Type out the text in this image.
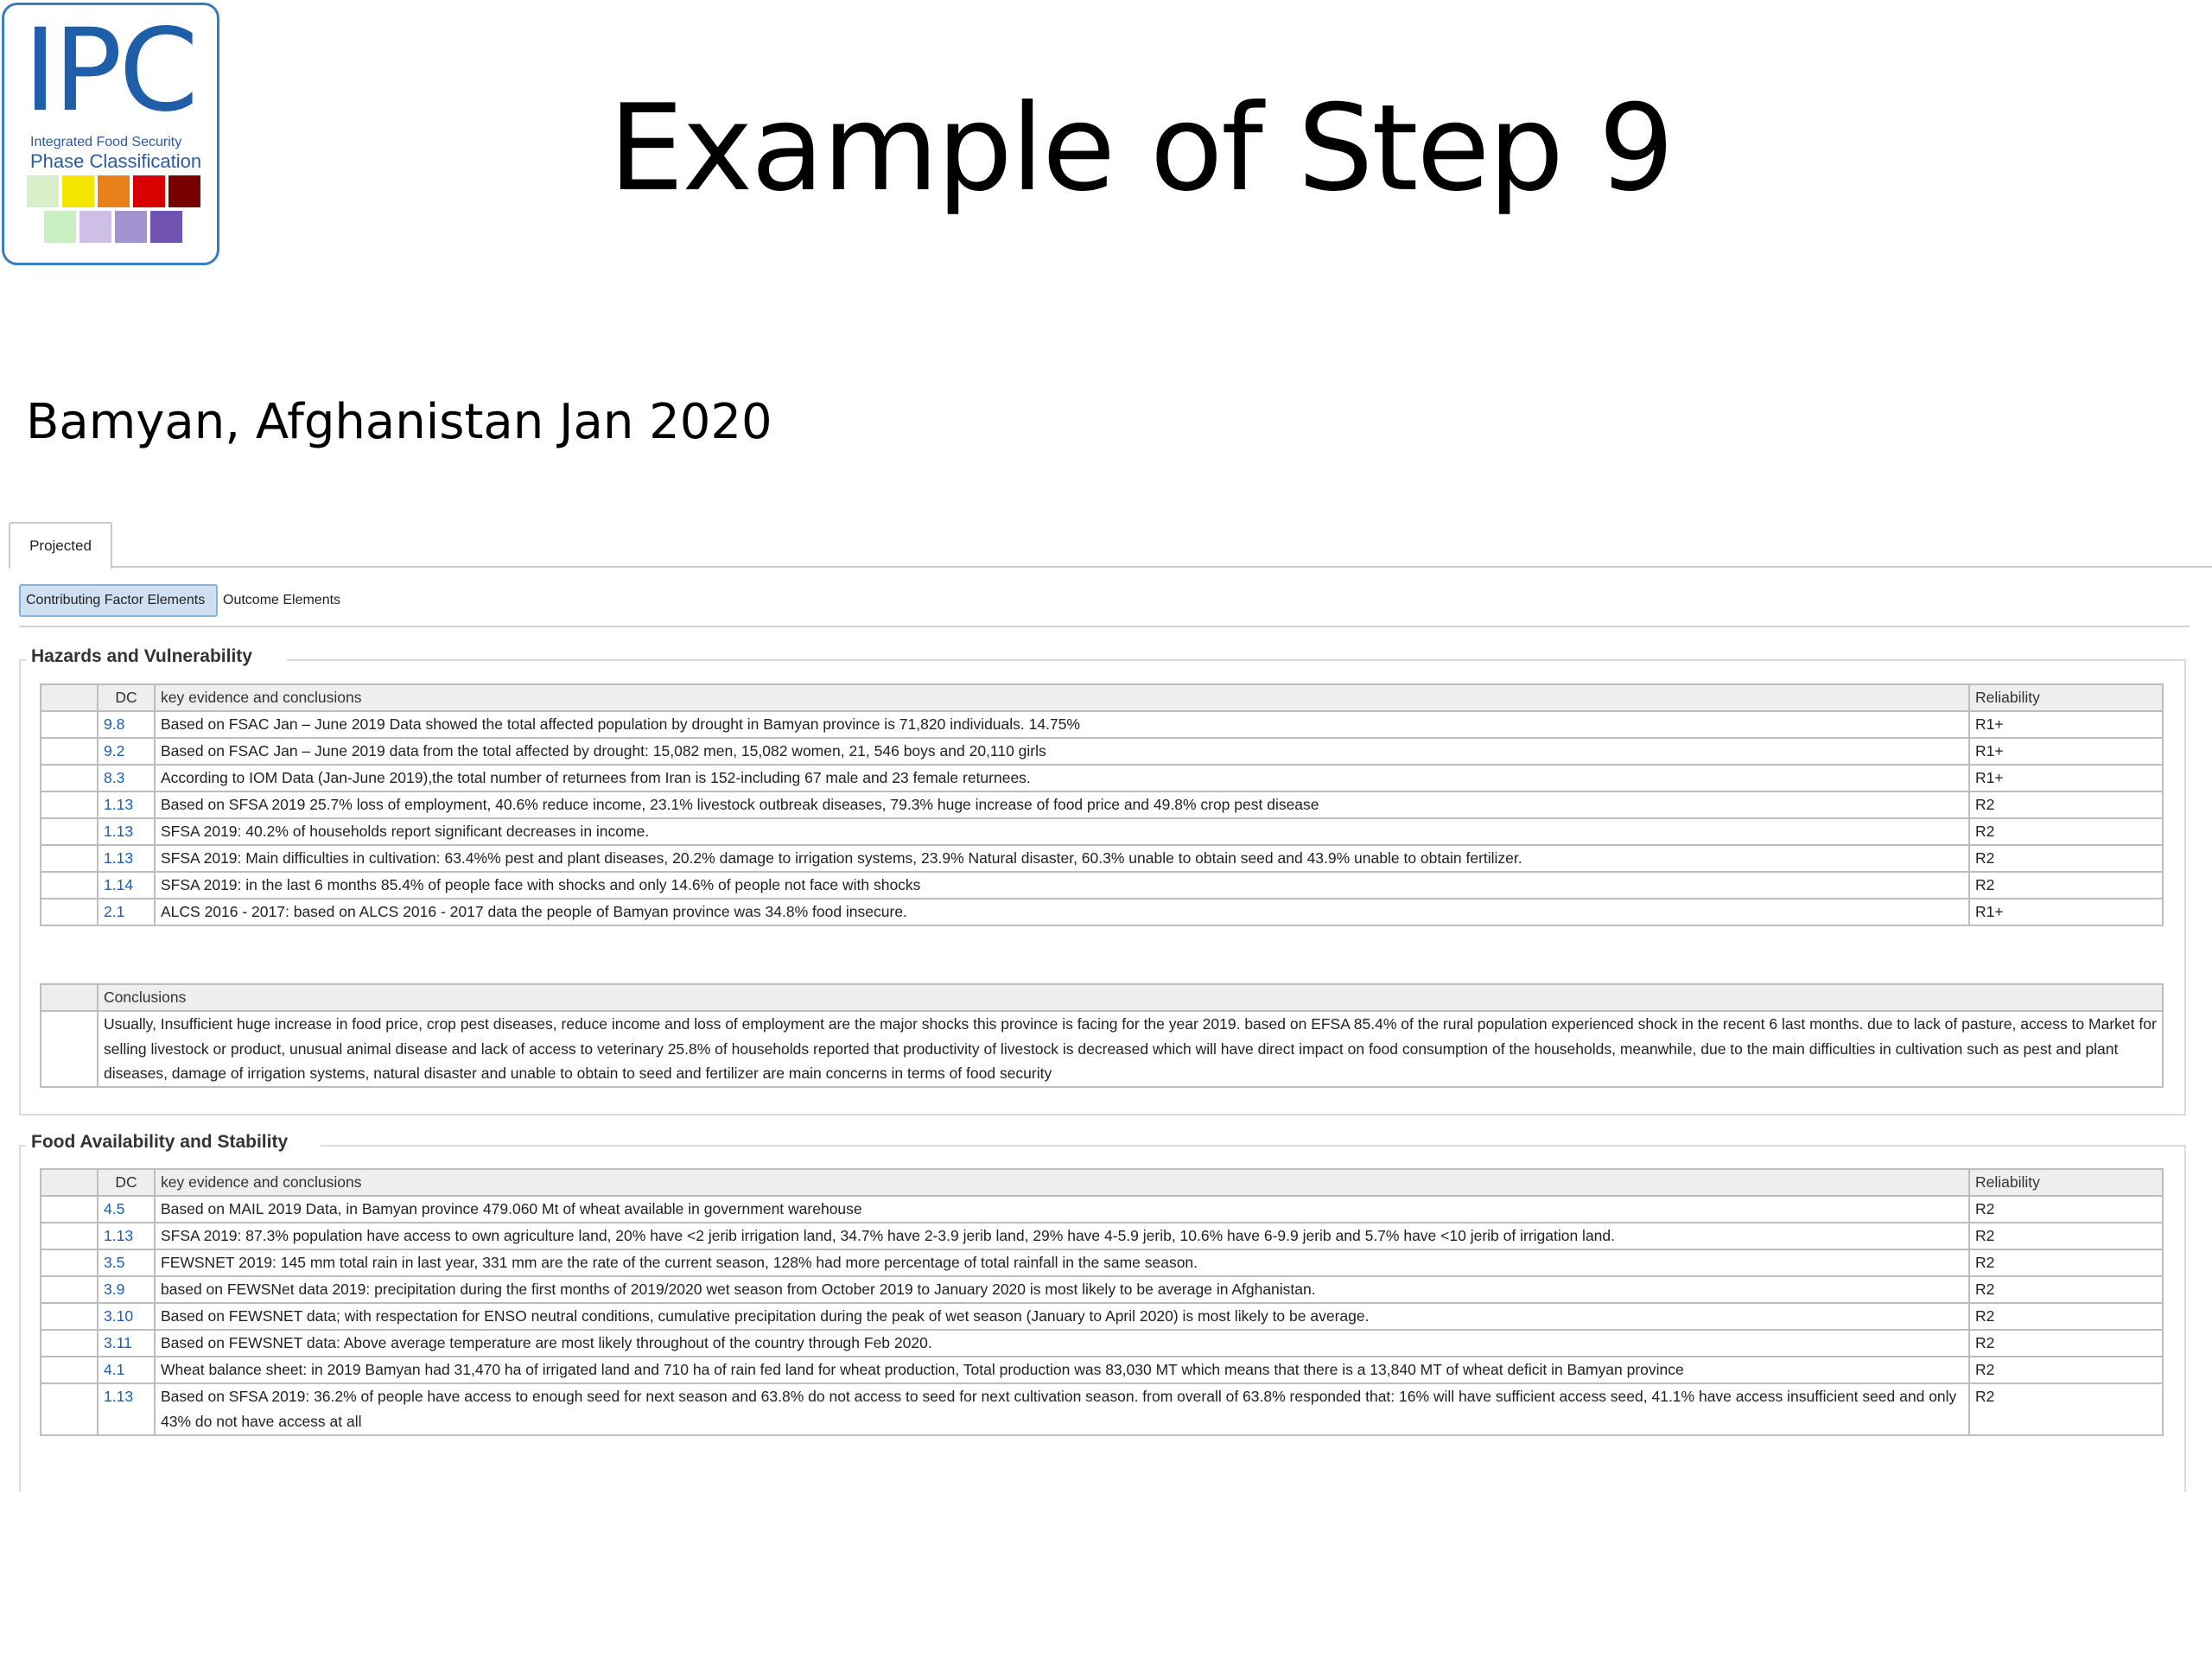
IPC
Integrated Food Security
Phase Classification	Example of Step 9
Bamyan, Afghanistan Jan 2020
Projected
Contributing Factor Elements	Outcome Elements
Hazards and Vulnerability
	DC	key evidence and conclusions	Reliability
	9.8	Based on FSAC Jan – June 2019 Data showed the total affected population by drought in Bamyan province is 71,820 individuals. 14.75%	R1+
	9.2	Based on FSAC Jan – June 2019 data from the total affected by drought: 15,082 men, 15,082 women, 21, 546 boys and 20,110 girls	R1+
	8.3	According to IOM Data (Jan-June 2019),the total number of returnees from Iran is 152-including 67 male and 23 female returnees.	R1+
	1.13	Based on SFSA 2019 25.7% loss of employment, 40.6% reduce income, 23.1% livestock outbreak diseases, 79.3% huge increase of food price and 49.8% crop pest disease	R2
	1.13	SFSA 2019: 40.2% of households report significant decreases in income.	R2
	1.13	SFSA 2019: Main difficulties in cultivation: 63.4%% pest and plant diseases, 20.2% damage to irrigation systems, 23.9% Natural disaster, 60.3% unable to obtain seed and 43.9% unable to obtain fertilizer.	R2
	1.14	SFSA 2019: in the last 6 months 85.4% of people face with shocks and only 14.6% of people not face with shocks	R2
	2.1	ALCS 2016 - 2017: based on ALCS 2016 - 2017 data the people of Bamyan province was 34.8% food insecure.	R1+
	Conclusions
	Usually, Insufficient huge increase in food price, crop pest diseases, reduce income and loss of employment are the major shocks this province is facing for the year 2019. based on EFSA 85.4% of the rural population experienced shock in the recent 6 last months. due to lack of pasture, access to Market for selling livestock or product, unusual animal disease and lack of access to veterinary 25.8% of households reported that productivity of livestock is decreased which will have direct impact on food consumption of the households, meanwhile, due to the main difficulties in cultivation such as pest and plant diseases, damage of irrigation systems, natural disaster and unable to obtain to seed and fertilizer are main concerns in terms of food security
Food Availability and Stability
	DC	key evidence and conclusions	Reliability
	4.5	Based on MAIL 2019 Data, in Bamyan province 479.060 Mt of wheat available in government warehouse	R2
	1.13	SFSA 2019: 87.3% population have access to own agriculture land, 20% have <2 jerib irrigation land, 34.7% have 2-3.9 jerib land, 29% have 4-5.9 jerib, 10.6% have 6-9.9 jerib and 5.7% have <10 jerib of irrigation land.	R2
	3.5	FEWSNET 2019: 145 mm total rain in last year, 331 mm are the rate of the current season, 128% had more percentage of total rainfall in the same season.	R2
	3.9	based on FEWSNet data 2019: precipitation during the first months of 2019/2020 wet season from October 2019 to January 2020 is most likely to be average in Afghanistan.	R2
	3.10	Based on FEWSNET data; with respectation for ENSO neutral conditions, cumulative precipitation during the peak of wet season (January to April 2020) is most likely to be average.	R2
	3.11	Based on FEWSNET data: Above average temperature are most likely throughout of the country through Feb 2020.	R2
	4.1	Wheat balance sheet: in 2019 Bamyan had 31,470 ha of irrigated land and 710 ha of rain fed land for wheat production, Total production was 83,030 MT which means that there is a 13,840 MT of wheat deficit in Bamyan province	R2
	1.13	Based on SFSA 2019: 36.2% of people have access to enough seed for next season and 63.8% do not access to seed for next cultivation season. from overall of 63.8% responded that: 16% will have sufficient access seed, 41.1% have access insufficient seed and only 43% do not have access at all	R2
